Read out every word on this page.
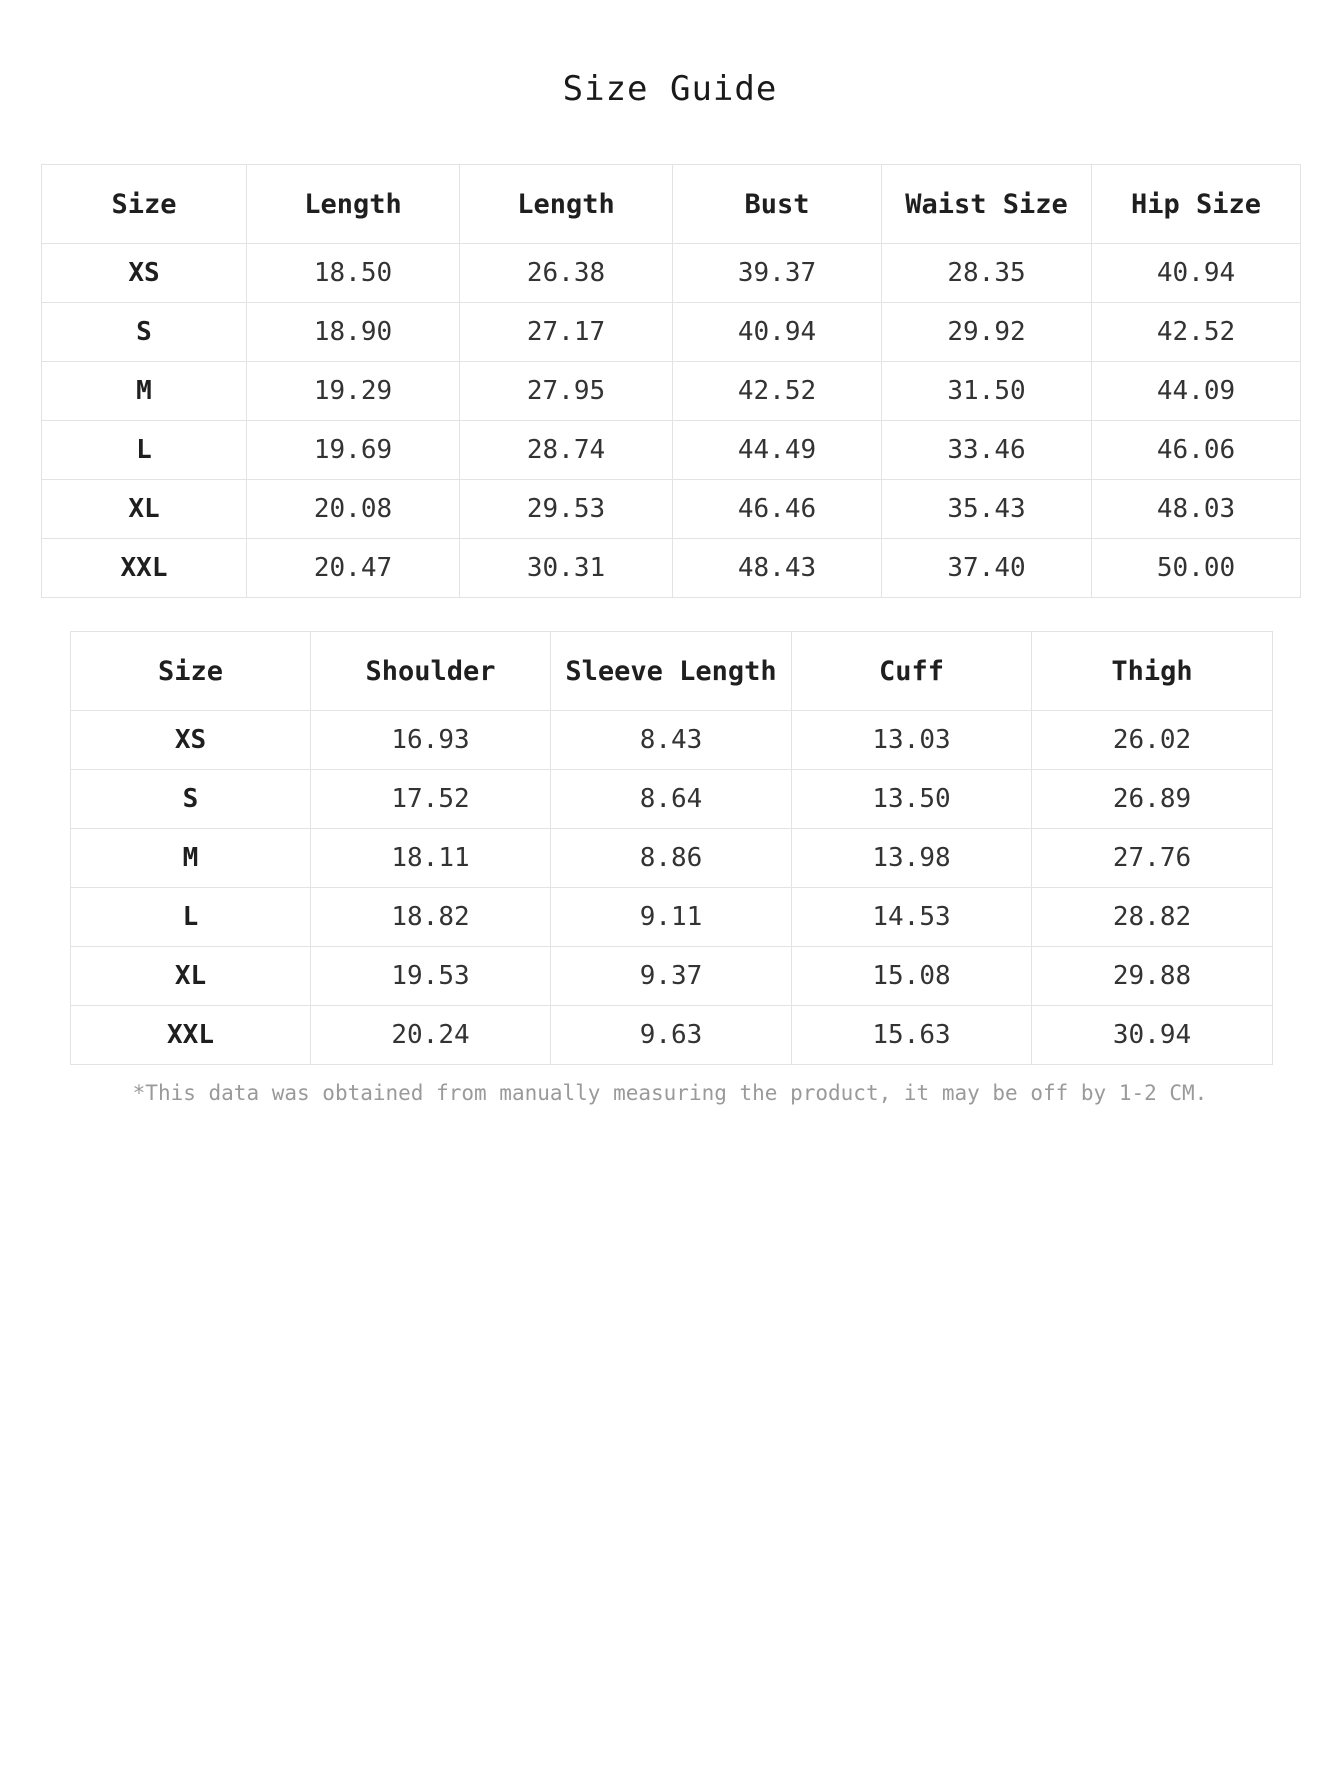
Size Guide
Size	Length	Length	Bust	Waist Size	Hip Size
XS	18.50	26.38	39.37	28.35	40.94
S	18.90	27.17	40.94	29.92	42.52
M	19.29	27.95	42.52	31.50	44.09
L	19.69	28.74	44.49	33.46	46.06
XL	20.08	29.53	46.46	35.43	48.03
XXL	20.47	30.31	48.43	37.40	50.00
Size	Shoulder	Sleeve Length	Cuff	Thigh
XS	16.93	8.43	13.03	26.02
S	17.52	8.64	13.50	26.89
M	18.11	8.86	13.98	27.76
L	18.82	9.11	14.53	28.82
XL	19.53	9.37	15.08	29.88
XXL	20.24	9.63	15.63	30.94
*This data was obtained from manually measuring the product, it may be off by 1-2 CM.
